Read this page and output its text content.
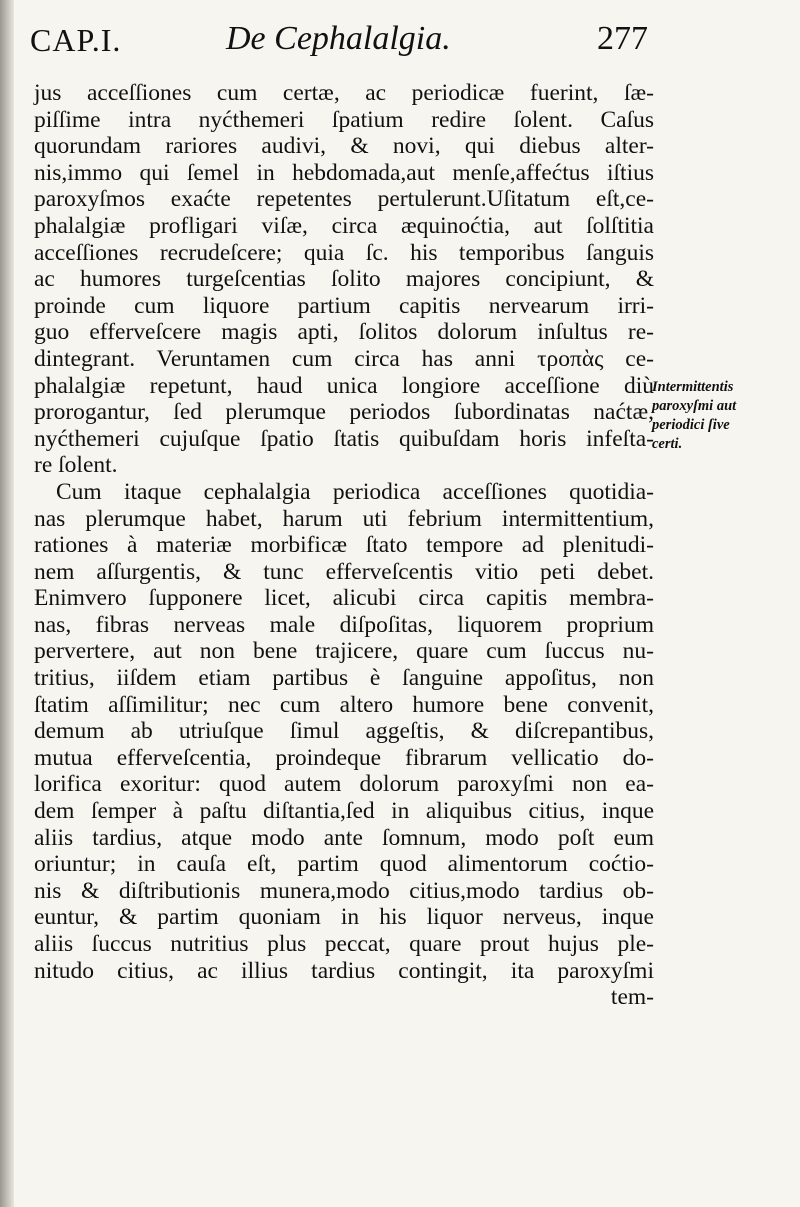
CAP.I.	De Cephalalgia.	277
jus acceſſiones cum certæ, ac periodicæ fuerint, ſæ-
piſſime intra nyćthemeri ſpatium redire ſolent. Caſus
quorundam rariores audivi, & novi, qui diebus alter-
nis,immo qui ſemel in hebdomada,aut menſe,affećtus iſtius
paroxyſmos exaćte repetentes pertulerunt.Uſitatum eſt,ce-
phalalgiæ profligari viſæ, circa æquinoćtia, aut ſolſtitia
acceſſiones recrudeſcere; quia ſc. his temporibus ſanguis
ac humores turgeſcentias ſolito majores concipiunt, &
proinde cum liquore partium capitis nervearum irri-
guo efferveſcere magis apti, ſolitos dolorum inſultus re-
dintegrant. Veruntamen cum circa has anni τροπὰς ce-
phalalgiæ repetunt, haud unica longiore acceſſione diù
prorogantur, ſed plerumque periodos ſubordinatas naćtæ,
nyćthemeri cujuſque ſpatio ſtatis quibuſdam horis infeſta-
re ſolent.
Cum itaque cephalalgia periodica acceſſiones quotidia-
nas plerumque habet, harum uti febrium intermittentium,
rationes à materiæ morbificæ ſtato tempore ad plenitudi-
nem aſſurgentis, & tunc efferveſcentis vitio peti debet.
Enimvero ſupponere licet, alicubi circa capitis membra-
nas, fibras nerveas male diſpoſitas, liquorem proprium
pervertere, aut non bene trajicere, quare cum ſuccus nu-
tritius, iiſdem etiam partibus è ſanguine appoſitus, non
ſtatim aſſimilitur; nec cum altero humore bene convenit,
demum ab utriuſque ſimul aggeſtis, & diſcrepantibus,
mutua efferveſcentia, proindeque fibrarum vellicatio do-
lorifica exoritur: quod autem dolorum paroxyſmi non ea-
dem ſemper à paſtu diſtantia,ſed in aliquibus citius, inque
aliis tardius, atque modo ante ſomnum, modo poſt eum
oriuntur; in cauſa eſt, partim quod alimentorum coćtio-
nis & diſtributionis munera,modo citius,modo tardius ob-
euntur, & partim quoniam in his liquor nerveus, inque
aliis ſuccus nutritius plus peccat, quare prout hujus ple-
nitudo citius, ac illius tardius contingit, ita paroxyſmi
tem-
Intermittentis
paroxyſmi aut
periodici ſive
certi.
